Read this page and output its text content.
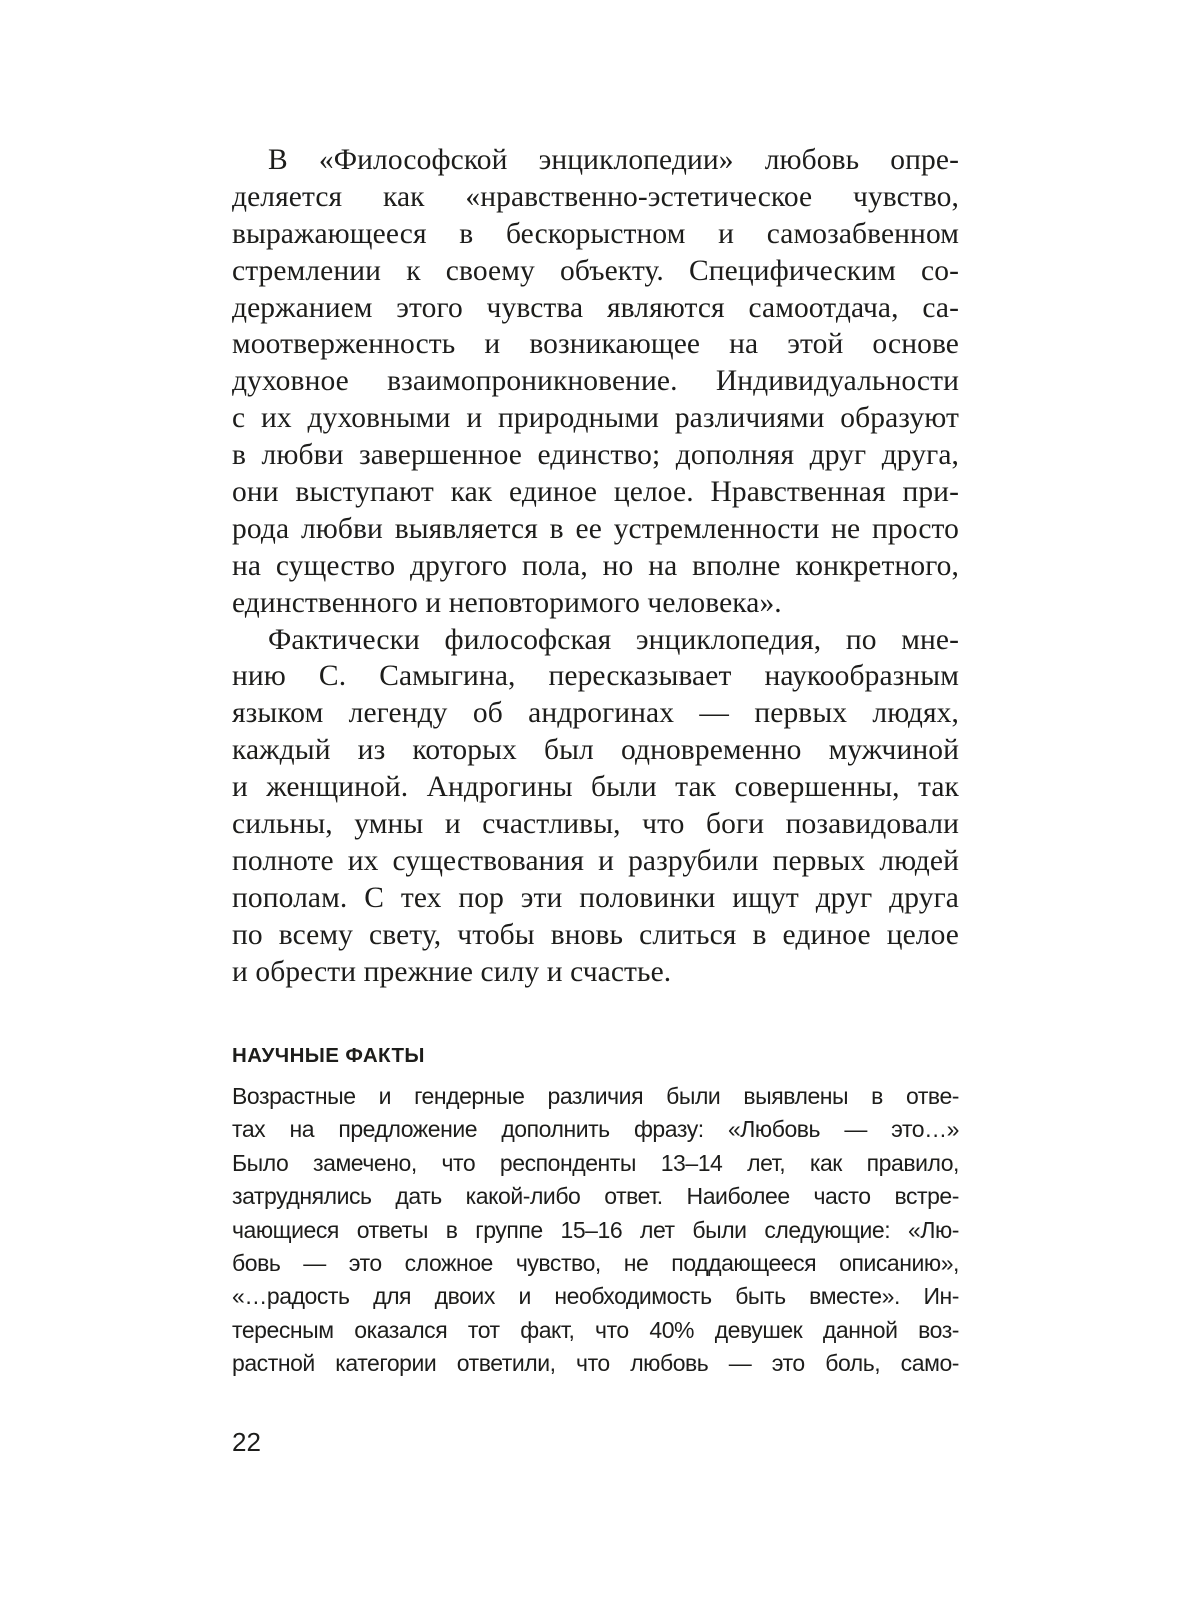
В «Философской энциклопедии» любовь опре-
деляется как «нравственно-эстетическое чувство,
выражающееся в бескорыстном и самозабвенном
стремлении к своему объекту. Специфическим со-
держанием этого чувства являются самоотдача, са-
моотверженность и возникающее на этой основе
духовное взаимопроникновение. Индивидуальности
с их духовными и природными различиями образуют
в любви завершенное единство; дополняя друг друга,
они выступают как единое целое. Нравственная при-
рода любви выявляется в ее устремленности не просто
на существо другого пола, но на вполне конкретного,
единственного и неповторимого человека».
Фактически философская энциклопедия, по мне-
нию С. Самыгина, пересказывает наукообразным
языком легенду об андрогинах — первых людях,
каждый из которых был одновременно мужчиной
и женщиной. Андрогины были так совершенны, так
сильны, умны и счастливы, что боги позавидовали
полноте их существования и разрубили первых людей
пополам. С тех пор эти половинки ищут друг друга
по всему свету, чтобы вновь слиться в единое целое
и обрести прежние силу и счастье.
НАУЧНЫЕ ФАКТЫ
Возрастные и гендерные различия были выявлены в отве-
тах на предложение дополнить фразу: «Любовь — это…»
Было замечено, что респонденты 13–14 лет, как правило,
затруднялись дать какой-либо ответ. Наиболее часто встре-
чающиеся ответы в группе 15–16 лет были следующие: «Лю-
бовь — это сложное чувство, не поддающееся описанию»,
«…радость для двоих и необходимость быть вместе». Ин-
тересным оказался тот факт, что 40% девушек данной воз-
растной категории ответили, что любовь — это боль, само-
22
